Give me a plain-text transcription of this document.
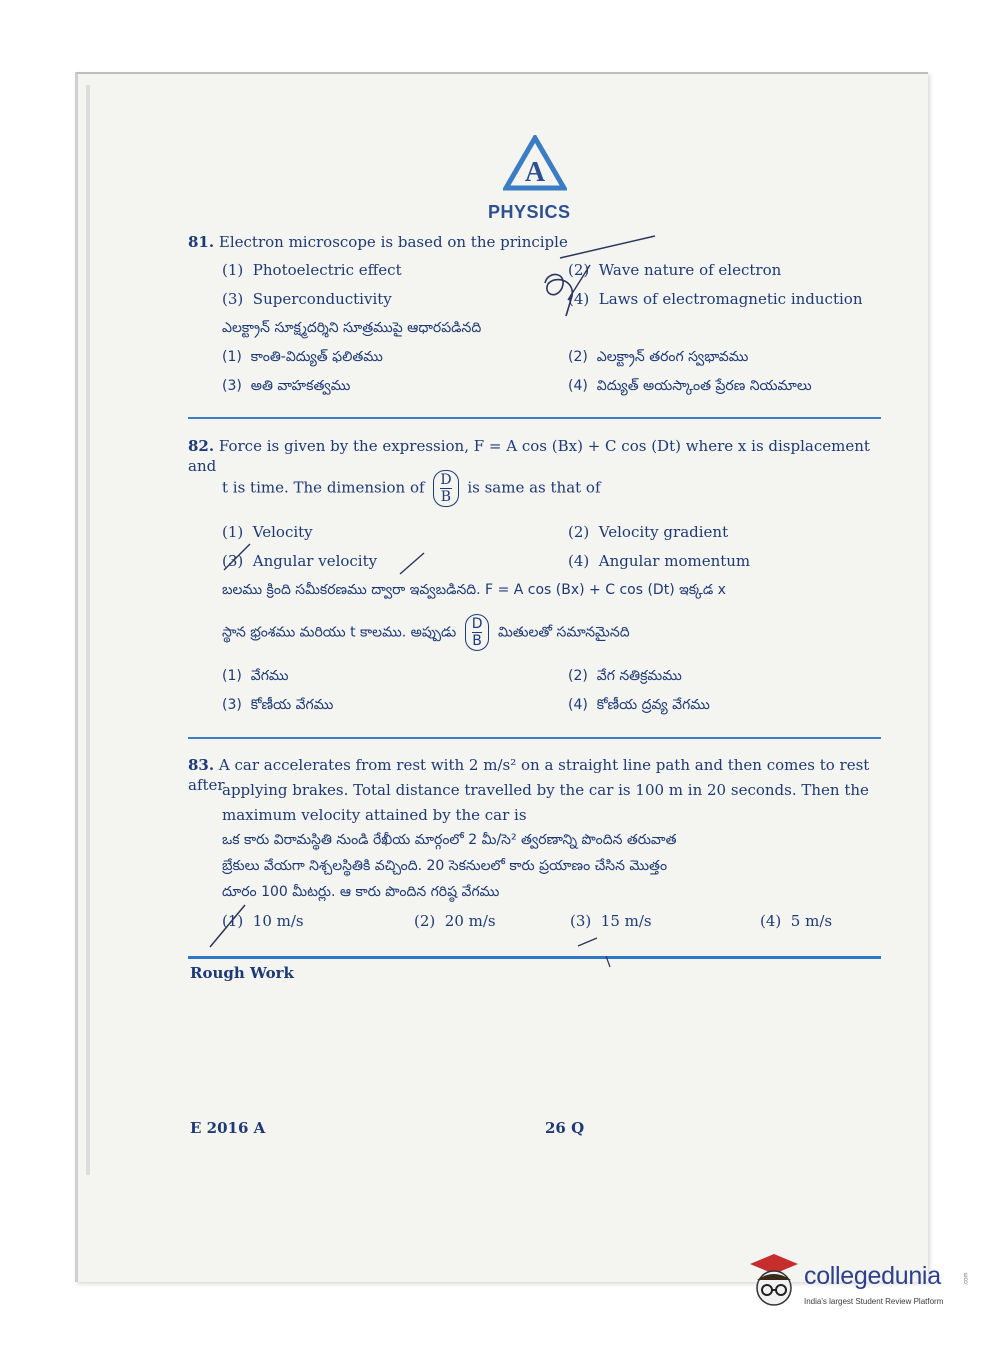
A
PHYSICS
81. Electron microscope is based on the principle
(1) Photoelectric effect	(2) Wave nature of electron
(3) Superconductivity	(4) Laws of electromagnetic induction
ఎలక్ట్రాన్ సూక్ష్మదర్శిని సూత్రముపై ఆధారపడినది
(1) కాంతి-విద్యుత్ ఫలితము	(2) ఎలక్ట్రాన్ తరంగ స్వభావము
(3) అతి వాహకత్వము	(4) విద్యుత్ అయస్కాంత ప్రేరణ నియమాలు
82. Force is given by the expression, F = A cos (Bx) + C cos (Dt) where x is displacement and
t is time. The dimension of $\frac{D}{B}$ is same as that of
(1) Velocity	(2) Velocity gradient
(3) Angular velocity	(4) Angular momentum
బలము క్రింది సమీకరణము ద్వారా ఇవ్వబడినది. F = A cos (Bx) + C cos (Dt) ఇక్కడ x
స్థాన భ్రంశము మరియు t కాలము. అప్పుడు $\frac{D}{B}$ మితులతో సమానమైనది
(1) వేగము	(2) వేగ నతిక్రమము
(3) కోణీయ వేగము	(4) కోణీయ ద్రవ్య వేగము
83. A car accelerates from rest with 2 m/s² on a straight line path and then comes to rest after
applying brakes. Total distance travelled by the car is 100 m in 20 seconds. Then the
maximum velocity attained by the car is
ఒక కారు విరామస్థితి నుండి రేఖీయ మార్గంలో 2 మీ/సె² త్వరణాన్ని పొందిన తరువాత
బ్రేకులు వేయగా నిశ్చలస్థితికి వచ్చింది. 20 సెకనులలో కారు ప్రయాణం చేసిన మొత్తం
దూరం 100 మీటర్లు. ఆ కారు పొందిన గరిష్ఠ వేగము
(1) 10 m/s	(2) 20 m/s	(3) 15 m/s	(4) 5 m/s
Rough Work
E 2016 A	26 Q
collegedunia
India's largest Student Review Platform
.com
